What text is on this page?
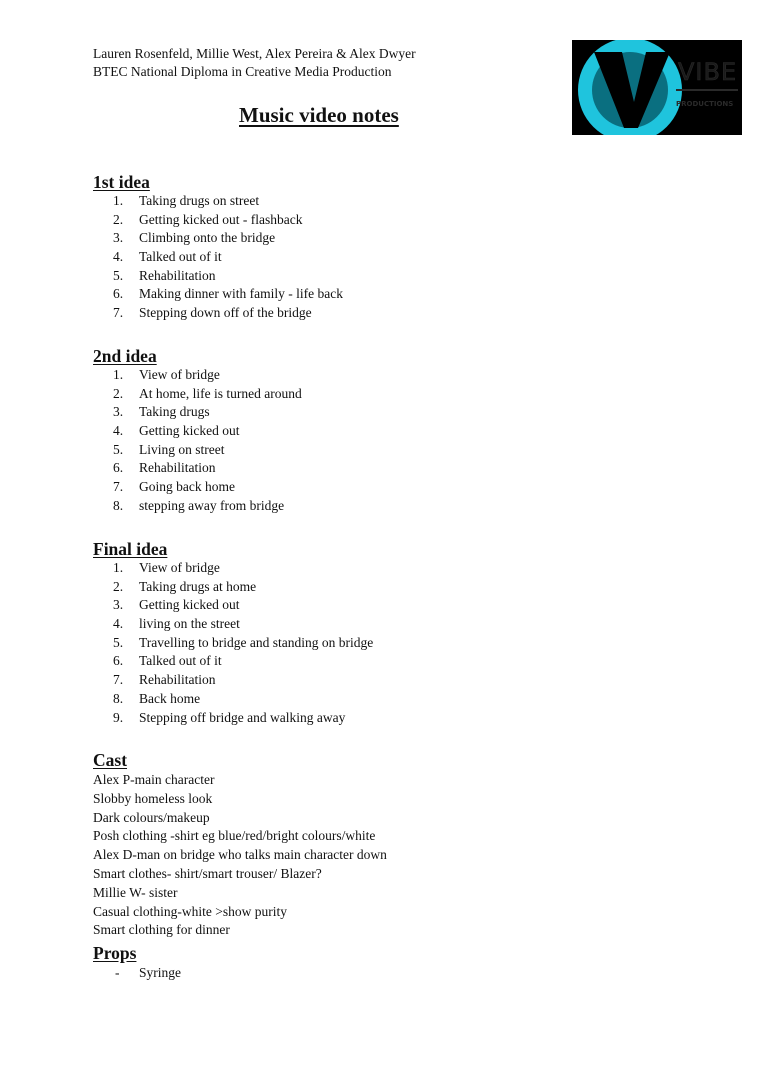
Lauren Rosenfeld, Millie West, Alex Pereira & Alex Dwyer
BTEC National Diploma in Creative Media Production	VIBE
PRODUCTIONS
Music video notes
1st idea
1.	Taking drugs on street
2.	Getting kicked out - flashback
3.	Climbing onto the bridge
4.	Talked out of it
5.	Rehabilitation
6.	Making dinner with family - life back
7.	Stepping down off of the bridge
2nd idea
1.	View of bridge
2.	At home, life is turned around
3.	Taking drugs
4.	Getting kicked out
5.	Living on street
6.	Rehabilitation
7.	Going back home
8.	stepping away from bridge
Final idea
1.	View of bridge
2.	Taking drugs at home
3.	Getting kicked out
4.	living on the street
5.	Travelling to bridge and standing on bridge
6.	Talked out of it
7.	Rehabilitation
8.	Back home
9.	Stepping off bridge and walking away
Cast
Alex P-main character
Slobby homeless look
Dark colours/makeup
Posh clothing -shirt eg blue/red/bright colours/white
Alex D-man on bridge who talks main character down
Smart clothes- shirt/smart trouser/ Blazer?
Millie W- sister
Casual clothing-white >show purity
Smart clothing for dinner
Props
- Syringe
